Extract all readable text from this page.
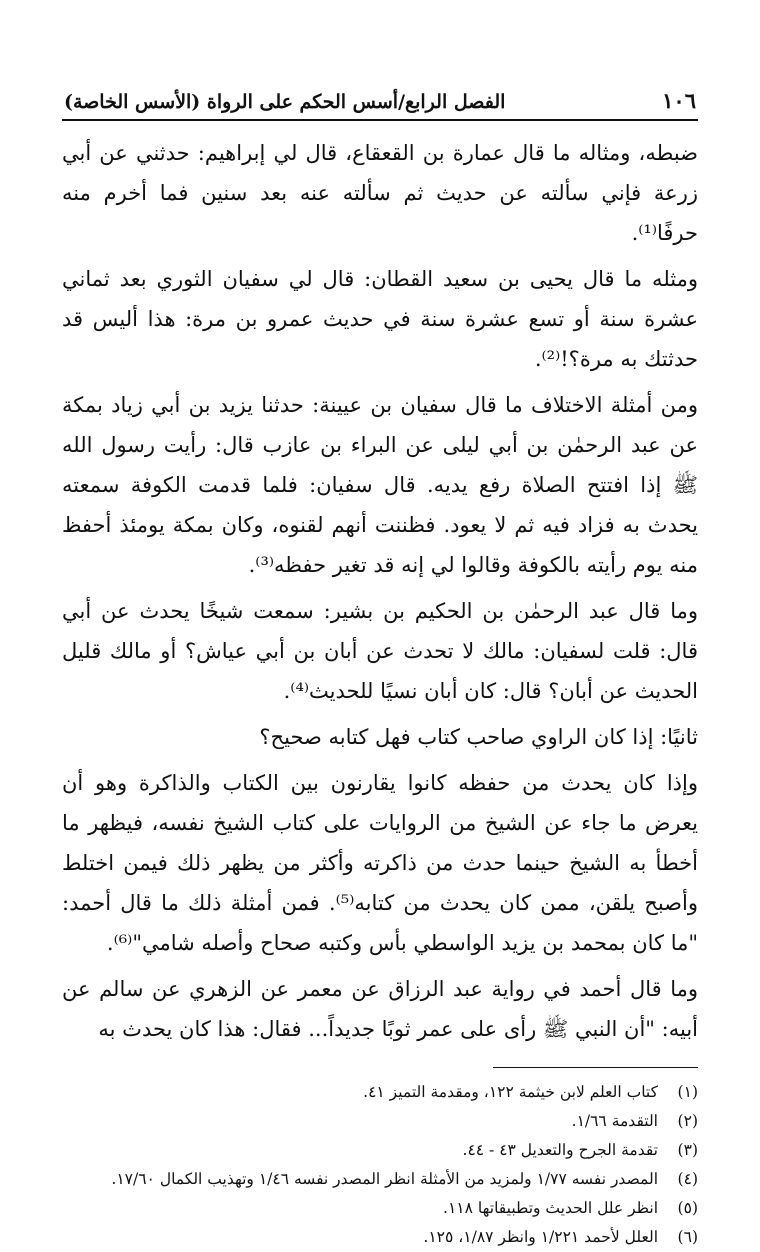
١٠٦
الفصل الرابع/أسس الحكم على الرواة (الأسس الخاصة)

ضبطه، ومثاله ما قال عمارة بن القعقاع، قال لي إبراهيم: حدثني عن أبي زرعة فإني سألته عن حديث ثم سألته عنه بعد سنين فما أخرم منه حرفًا⁽¹⁾.

ومثله ما قال يحيى بن سعيد القطان: قال لي سفيان الثوري بعد ثماني عشرة سنة أو تسع عشرة سنة في حديث عمرو بن مرة: هذا أليس قد حدثتك به مرة؟!⁽²⁾.

ومن أمثلة الاختلاف ما قال سفيان بن عيينة: حدثنا يزيد بن أبي زياد بمكة عن عبد الرحمٰن بن أبي ليلى عن البراء بن عازب قال: رأيت رسول الله ﷺ إذا افتتح الصلاة رفع يديه. قال سفيان: فلما قدمت الكوفة سمعته يحدث به فزاد فيه ثم لا يعود. فظننت أنهم لقنوه، وكان بمكة يومئذ أحفظ منه يوم رأيته بالكوفة وقالوا لي إنه قد تغير حفظه⁽³⁾.

وما قال عبد الرحمٰن بن الحكيم بن بشير: سمعت شيخًا يحدث عن أبي قال: قلت لسفيان: مالك لا تحدث عن أبان بن أبي عياش؟ أو مالك قليل الحديث عن أبان؟ قال: كان أبان نسيًا للحديث⁽⁴⁾.

ثانيًا: إذا كان الراوي صاحب كتاب فهل كتابه صحيح؟

وإذا كان يحدث من حفظه كانوا يقارنون بين الكتاب والذاكرة وهو أن يعرض ما جاء عن الشيخ من الروايات على كتاب الشيخ نفسه، فيظهر ما أخطأ به الشيخ حينما حدث من ذاكرته وأكثر من يظهر ذلك فيمن اختلط وأصبح يلقن، ممن كان يحدث من كتابه⁽⁵⁾. فمن أمثلة ذلك ما قال أحمد: "ما كان بمحمد بن يزيد الواسطي بأس وكتبه صحاح وأصله شامي"⁽⁶⁾.

وما قال أحمد في رواية عبد الرزاق عن معمر عن الزهري عن سالم عن أبيه: "أن النبي ﷺ رأى على عمر ثوبًا جديداً... فقال: هذا كان يحدث به

(١)
كتاب العلم لابن خيثمة ١٢٢، ومقدمة التميز ٤١.
(٢)
التقدمة ١/٦٦.
(٣)
تقدمة الجرح والتعديل ٤٣ - ٤٤.
(٤)
المصدر نفسه ١/٧٧ ولمزيد من الأمثلة انظر المصدر نفسه ١/٤٦ وتهذيب الكمال ١٧/٦٠.
(٥)
انظر علل الحديث وتطبيقاتها ١١٨.
(٦)
العلل لأحمد ١/٢٢١ وانظر ١/٨٧، ١٢٥.
